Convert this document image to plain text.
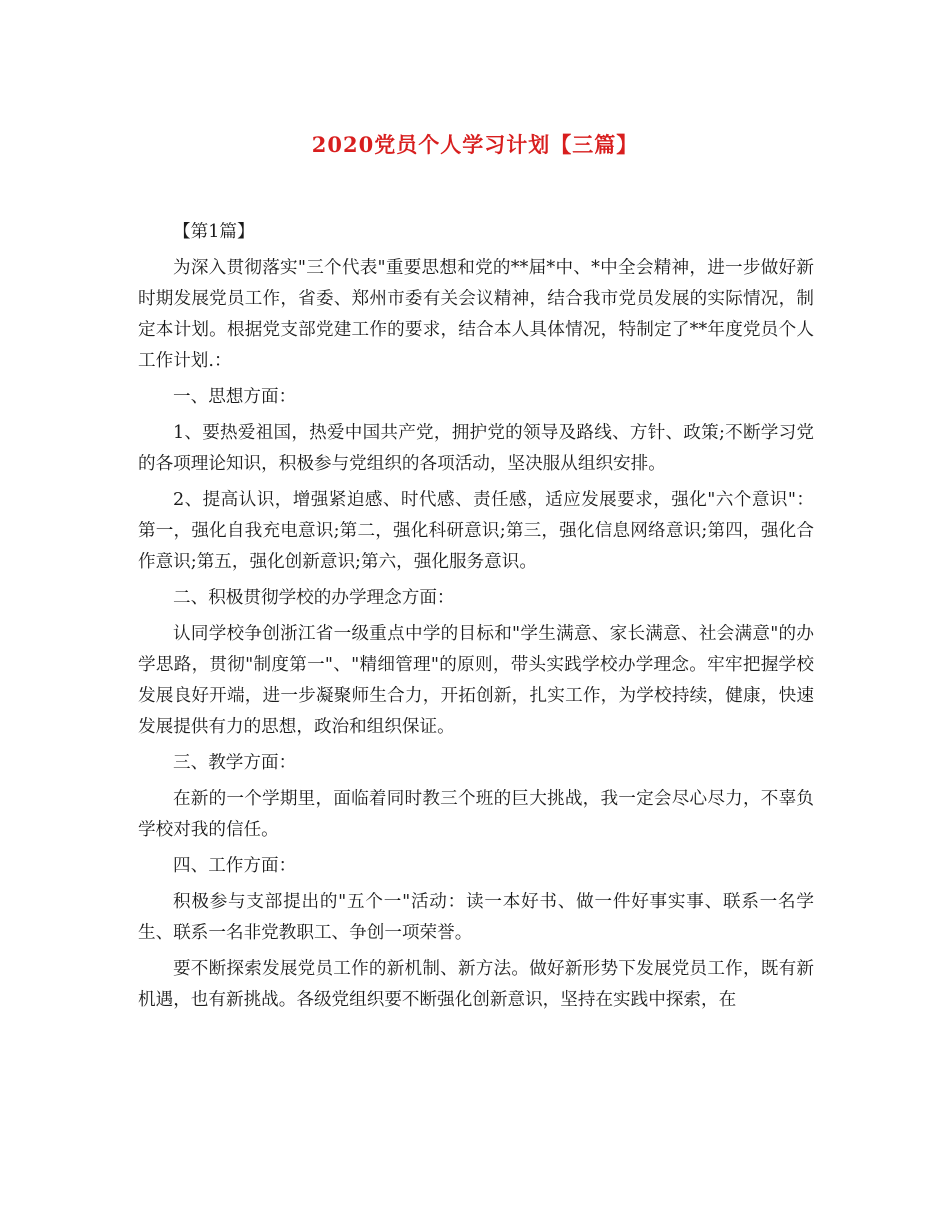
2020党员个人学习计划【三篇】

【第1篇】

为深入贯彻落实"三个代表"重要思想和党的**届*中、*中全会精神，进一步做好新时期发展党员工作，省委、郑州市委有关会议精神，结合我市党员发展的实际情况，制定本计划。根据党支部党建工作的要求，结合本人具体情况，特制定了**年度党员个人工作计划.：

一、思想方面：

1、要热爱祖国，热爱中国共产党，拥护党的领导及路线、方针、政策;不断学习党的各项理论知识，积极参与党组织的各项活动，坚决服从组织安排。

2、提高认识，增强紧迫感、时代感、责任感，适应发展要求，强化"六个意识"：第一，强化自我充电意识;第二，强化科研意识;第三，强化信息网络意识;第四，强化合作意识;第五，强化创新意识;第六，强化服务意识。

二、积极贯彻学校的办学理念方面：

认同学校争创浙江省一级重点中学的目标和"学生满意、家长满意、社会满意"的办学思路，贯彻"制度第一"、"精细管理"的原则，带头实践学校办学理念。牢牢把握学校发展良好开端，进一步凝聚师生合力，开拓创新，扎实工作，为学校持续，健康，快速发展提供有力的思想，政治和组织保证。

三、教学方面：

在新的一个学期里，面临着同时教三个班的巨大挑战，我一定会尽心尽力，不辜负学校对我的信任。

四、工作方面：

积极参与支部提出的"五个一"活动：读一本好书、做一件好事实事、联系一名学生、联系一名非党教职工、争创一项荣誉。

要不断探索发展党员工作的新机制、新方法。做好新形势下发展党员工作，既有新机遇，也有新挑战。各级党组织要不断强化创新意识，坚持在实践中探索，在
